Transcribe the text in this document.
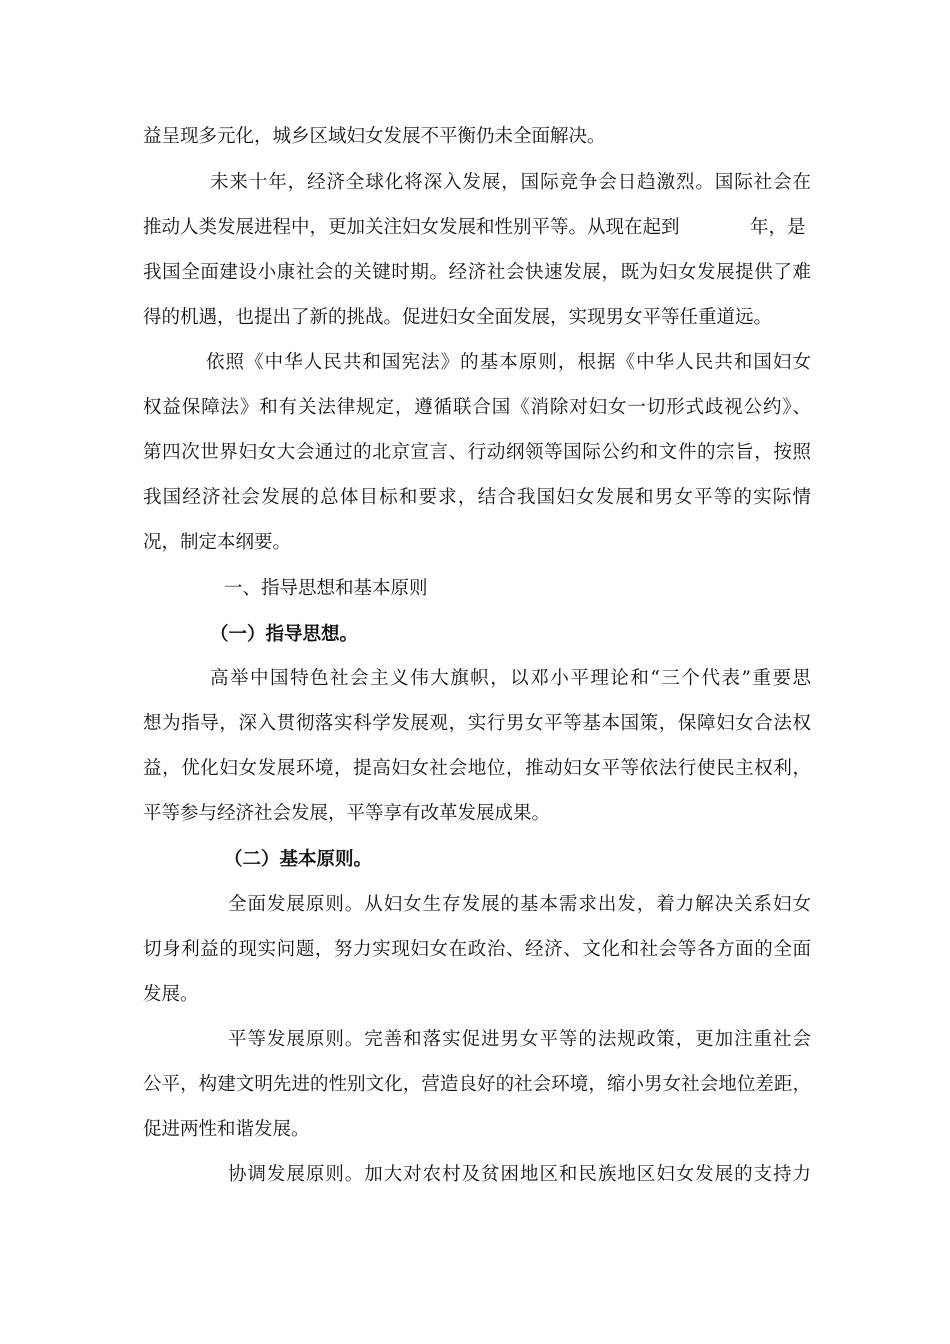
益呈现多元化，城乡区域妇女发展不平衡仍未全面解决。
未来十年，经济全球化将深入发展，国际竞争会日趋激烈。国际社会在
推动人类发展进程中，更加关注妇女发展和性别平等。从现在起到	年，是
我国全面建设小康社会的关键时期。经济社会快速发展，既为妇女发展提供了难
得的机遇，也提出了新的挑战。促进妇女全面发展，实现男女平等任重道远。
依照《中华人民共和国宪法》的基本原则，根据《中华人民共和国妇女
权益保障法》和有关法律规定，遵循联合国《消除对妇女一切形式歧视公约》、
第四次世界妇女大会通过的北京宣言、行动纲领等国际公约和文件的宗旨，按照
我国经济社会发展的总体目标和要求，结合我国妇女发展和男女平等的实际情
况，制定本纲要。
一、指导思想和基本原则
（一）指导思想。
高举中国特色社会主义伟大旗帜，以邓小平理论和“三个代表”重要思
想为指导，深入贯彻落实科学发展观，实行男女平等基本国策，保障妇女合法权
益，优化妇女发展环境，提高妇女社会地位，推动妇女平等依法行使民主权利，
平等参与经济社会发展，平等享有改革发展成果。
（二）基本原则。
全面发展原则。从妇女生存发展的基本需求出发，着力解决关系妇女
切身利益的现实问题，努力实现妇女在政治、经济、文化和社会等各方面的全面
发展。
平等发展原则。完善和落实促进男女平等的法规政策，更加注重社会
公平，构建文明先进的性别文化，营造良好的社会环境，缩小男女社会地位差距，
促进两性和谐发展。
协调发展原则。加大对农村及贫困地区和民族地区妇女发展的支持力
